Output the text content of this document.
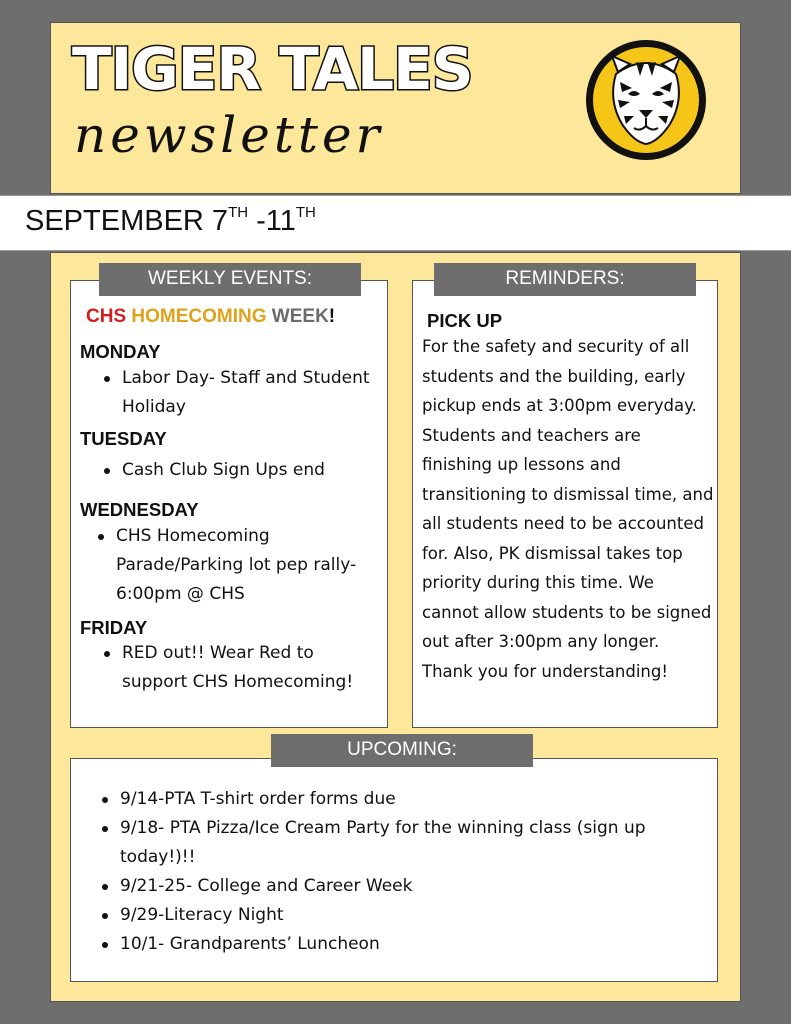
TIGER TALES
newsletter
SEPTEMBER 7TH -11TH
WEEKLY EVENTS:
CHS HOMECOMING WEEK!

MONDAY

Labor Day- Staff and Student Holiday

TUESDAY

Cash Club Sign Ups end

WEDNESDAY

CHS Homecoming Parade/Parking lot pep rally- 6:00pm @ CHS

FRIDAY

RED out!! Wear Red to support CHS Homecoming!
REMINDERS:
PICK UP
For the safety and security of all students and the building, early pickup ends at 3:00pm everyday. Students and teachers are finishing up lessons and transitioning to dismissal time, and all students need to be accounted for. Also, PK dismissal takes top priority during this time. We cannot allow students to be signed out after 3:00pm any longer. Thank you for understanding!
UPCOMING:
9/14-PTA T-shirt order forms due
9/18- PTA Pizza/Ice Cream Party for the winning class (sign up today!)!!
9/21-25- College and Career Week
9/29-Literacy Night
10/1- Grandparents’ Luncheon
